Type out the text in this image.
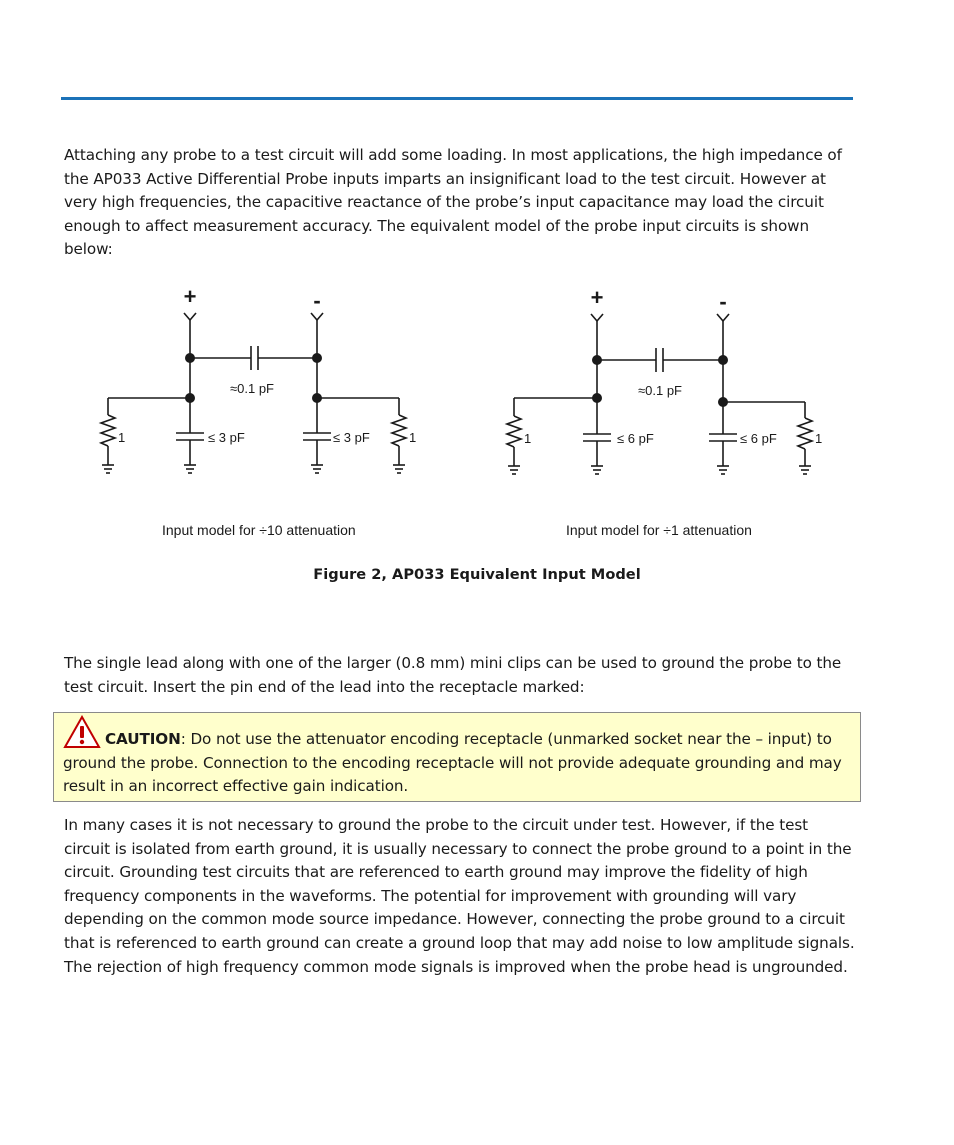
Attaching any probe to a test circuit will add some loading. In most applications, the high impedance of the AP033 Active Differential Probe inputs imparts an insignificant load to the test circuit. However at very high frequencies, the capacitive reactance of the probe’s input capacitance may load the circuit enough to affect measurement accuracy. The equivalent model of the probe input circuits is shown below:

+	-
≈0.1 pF
≤ 3 pF	≤ 3 pF
1	1
+	-
≈0.1 pF
≤ 6 pF	≤ 6 pF
1	1
Input model for ÷10 attenuation	Input model for ÷1 attenuation
Figure 2, AP033 Equivalent Input Model

The single lead along with one of the larger (0.8 mm) mini clips can be used to ground the probe to the test circuit. Insert the pin end of the lead into the receptacle marked:

CAUTION: Do not use the attenuator encoding receptacle (unmarked socket near the – input) to ground the probe. Connection to the encoding receptacle will not provide adequate grounding and may result in an incorrect effective gain indication.

In many cases it is not necessary to ground the probe to the circuit under test. However, if the test circuit is isolated from earth ground, it is usually necessary to connect the probe ground to a point in the circuit. Grounding test circuits that are referenced to earth ground may improve the fidelity of high frequency components in the waveforms. The potential for improvement with grounding will vary depending on the common mode source impedance. However, connecting the probe ground to a circuit that is referenced to earth ground can create a ground loop that may add noise to low amplitude signals. The rejection of high frequency common mode signals is improved when the probe head is ungrounded.
